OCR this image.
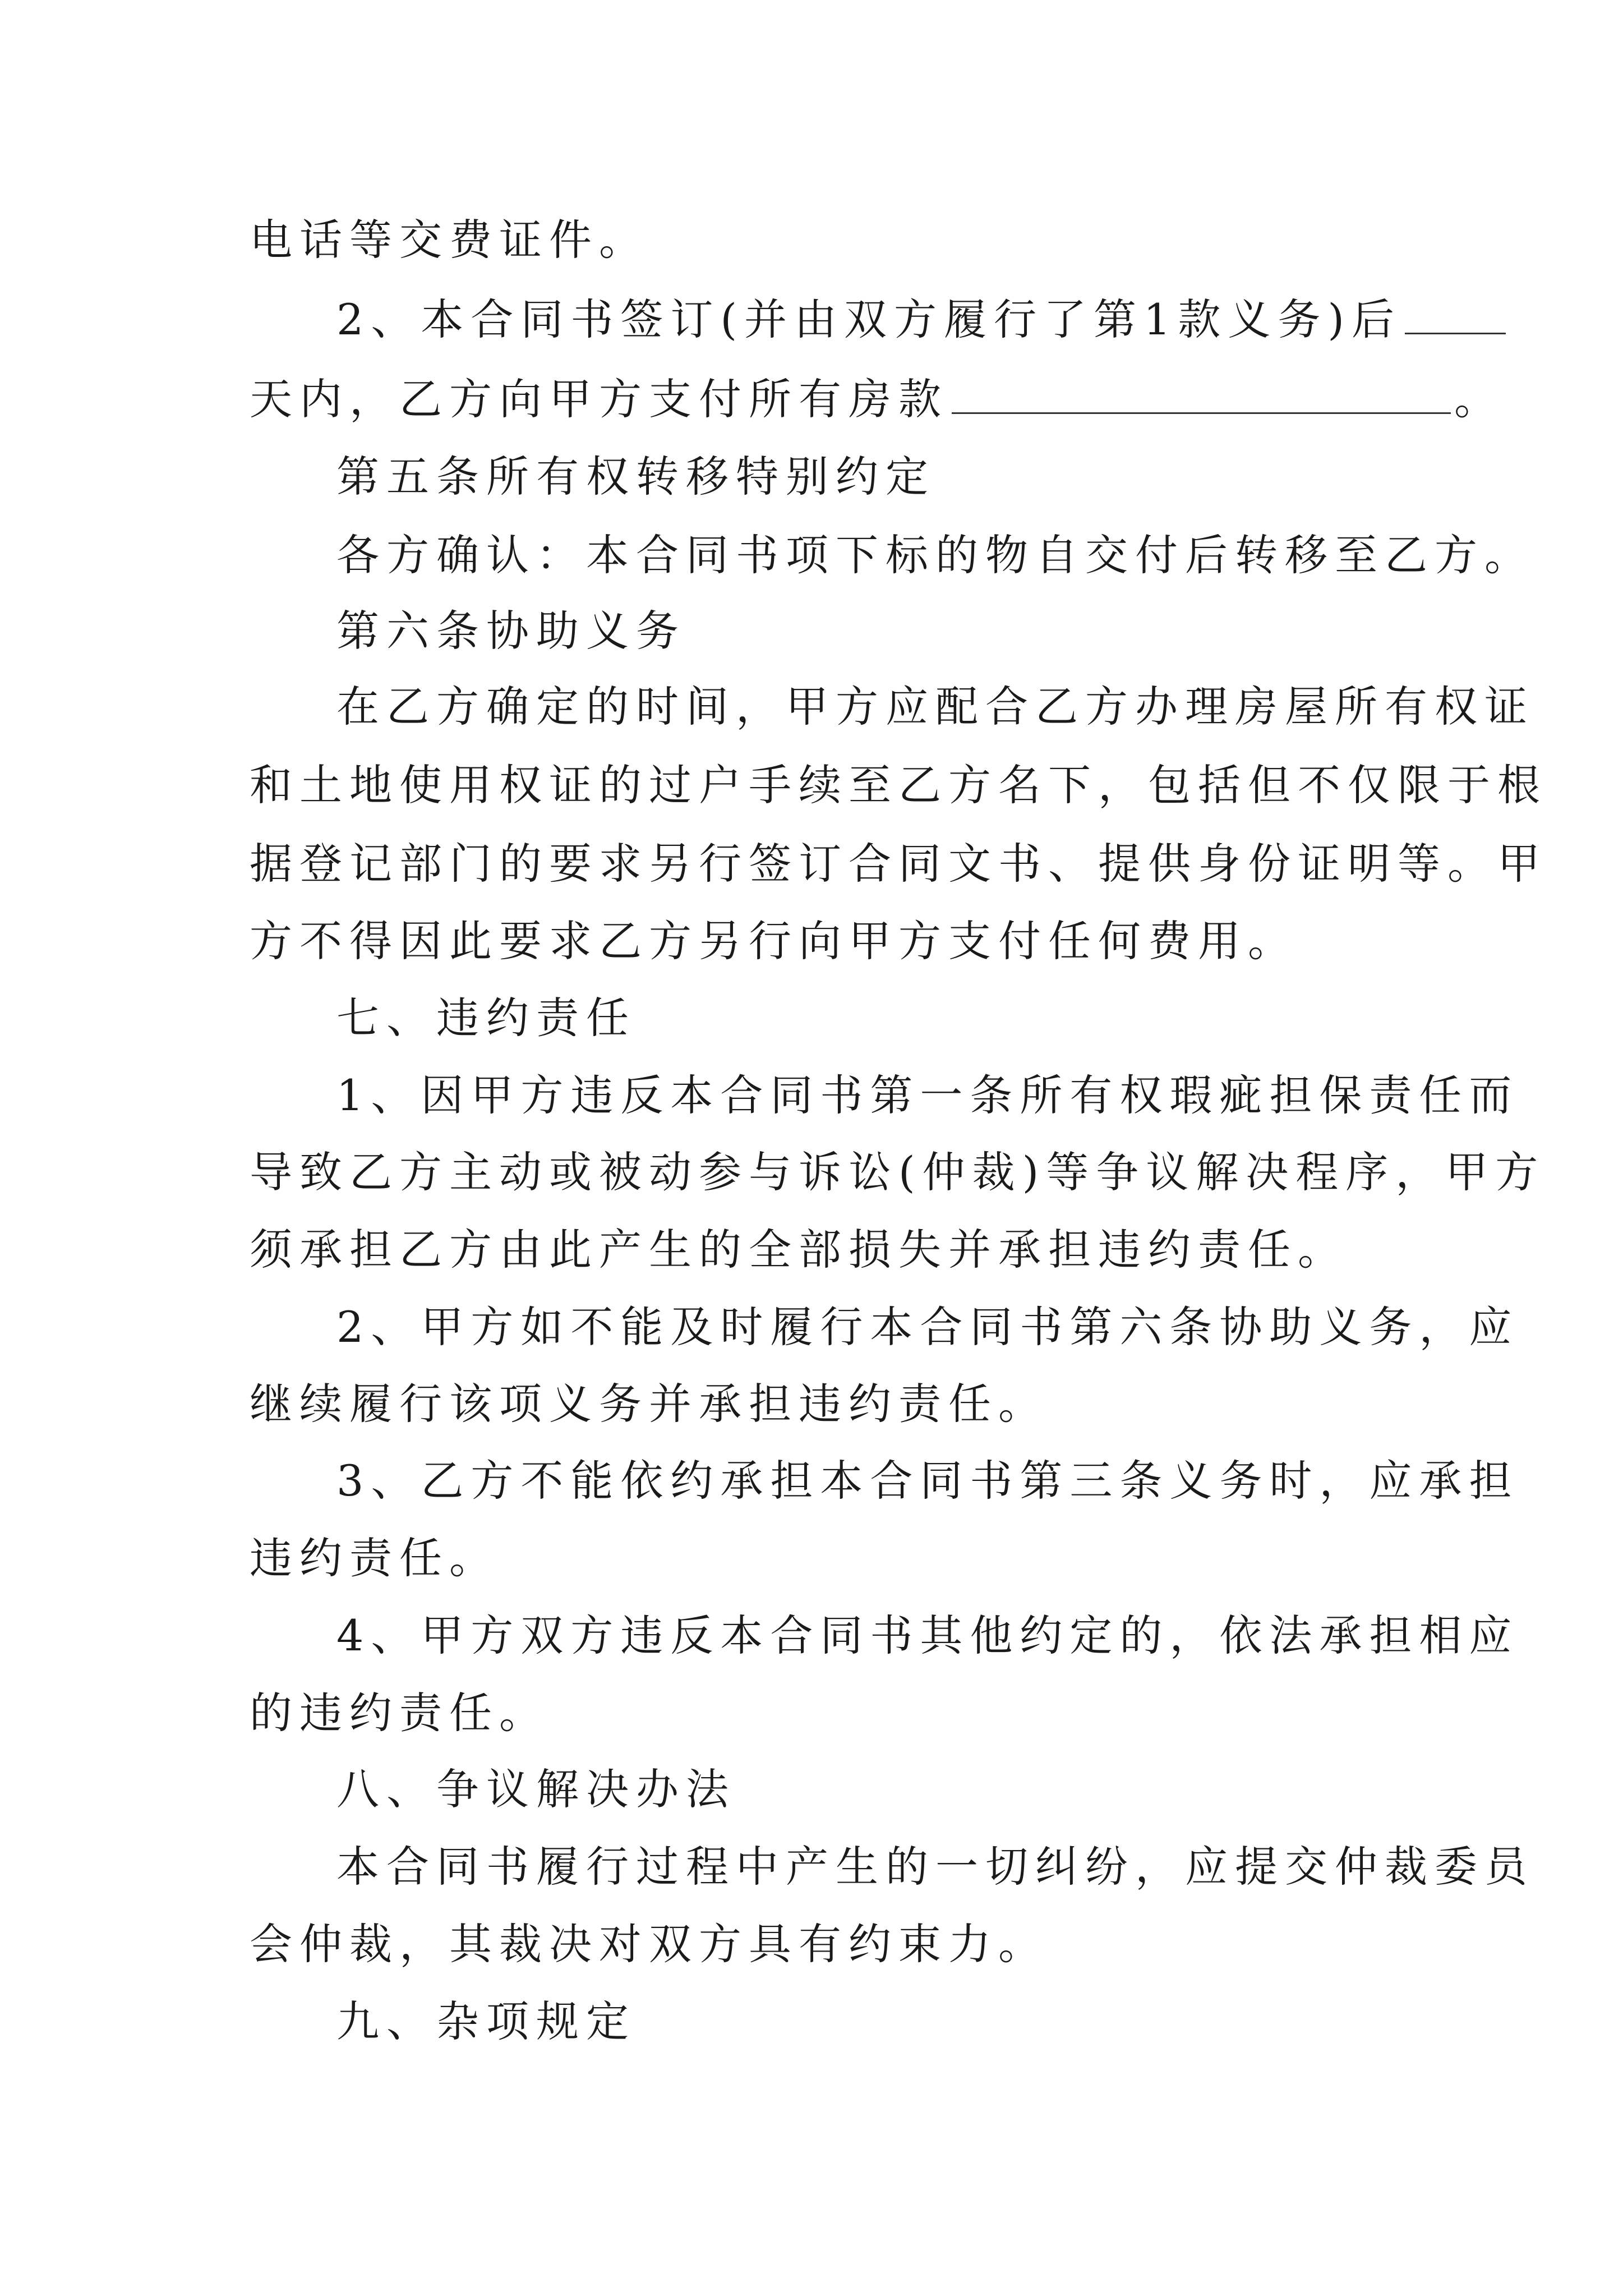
电话等交费证件。
2、本合同书签订(并由双方履行了第1款义务)后
天内，乙方向甲方支付所有房款	。
第五条所有权转移特别约定
各方确认：本合同书项下标的物自交付后转移至乙方。
第六条协助义务
在乙方确定的时间，甲方应配合乙方办理房屋所有权证
和土地使用权证的过户手续至乙方名下，包括但不仅限于根
据登记部门的要求另行签订合同文书、提供身份证明等。甲
方不得因此要求乙方另行向甲方支付任何费用。
七、违约责任
1、因甲方违反本合同书第一条所有权瑕疵担保责任而
导致乙方主动或被动参与诉讼(仲裁)等争议解决程序，甲方
须承担乙方由此产生的全部损失并承担违约责任。
2、甲方如不能及时履行本合同书第六条协助义务，应
继续履行该项义务并承担违约责任。
3、乙方不能依约承担本合同书第三条义务时，应承担
违约责任。
4、甲方双方违反本合同书其他约定的，依法承担相应
的违约责任。
八、争议解决办法
本合同书履行过程中产生的一切纠纷，应提交仲裁委员
会仲裁，其裁决对双方具有约束力。
九、杂项规定
